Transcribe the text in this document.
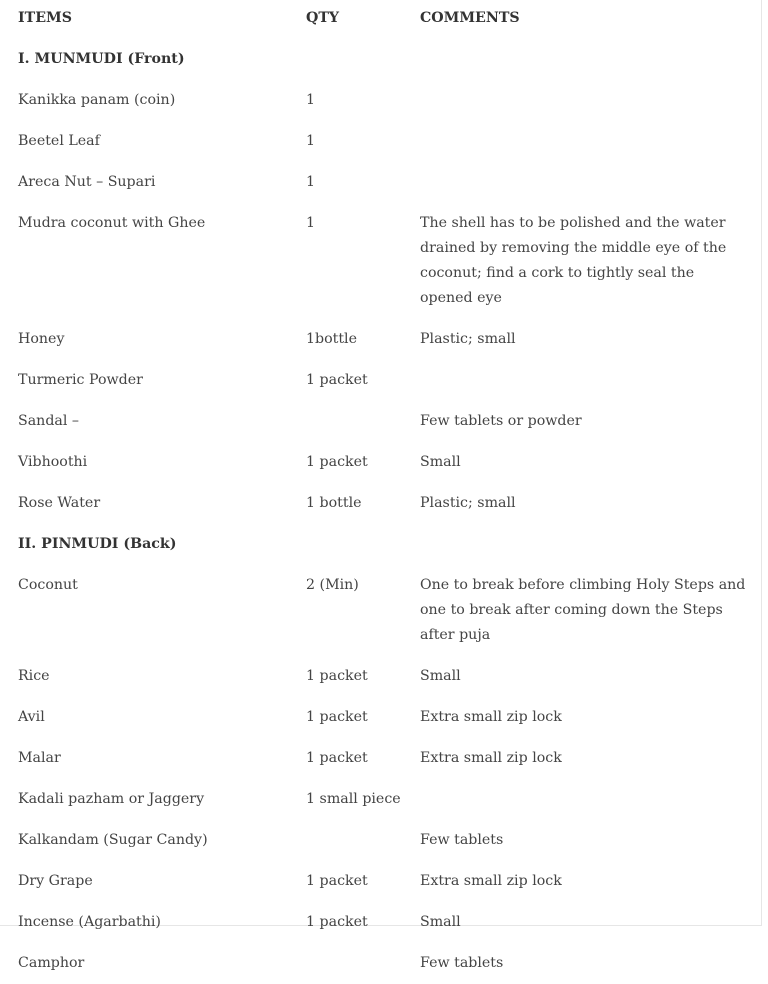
ITEMS	QTY	COMMENTS
I. MUNMUDI (Front)		
Kanikka panam (coin)	1	
Beetel Leaf	1	
Areca Nut – Supari	1	
Mudra coconut with Ghee	1	The shell has to be polished and the water drained by removing the middle eye of the coconut; find a cork to tightly seal the opened eye
Honey	1bottle	Plastic; small
Turmeric Powder	1 packet	
Sandal –		Few tablets or powder
Vibhoothi	1 packet	Small
Rose Water	1 bottle	Plastic; small
II. PINMUDI (Back)		
Coconut	2 (Min)	One to break before climbing Holy Steps and one to break after coming down the Steps after puja
Rice	1 packet	Small
Avil	1 packet	Extra small zip lock
Malar	1 packet	Extra small zip lock
Kadali pazham or Jaggery	1 small piece	
Kalkandam (Sugar Candy)		Few tablets
Dry Grape	1 packet	Extra small zip lock
Incense (Agarbathi)	1 packet	Small
Camphor		Few tablets
